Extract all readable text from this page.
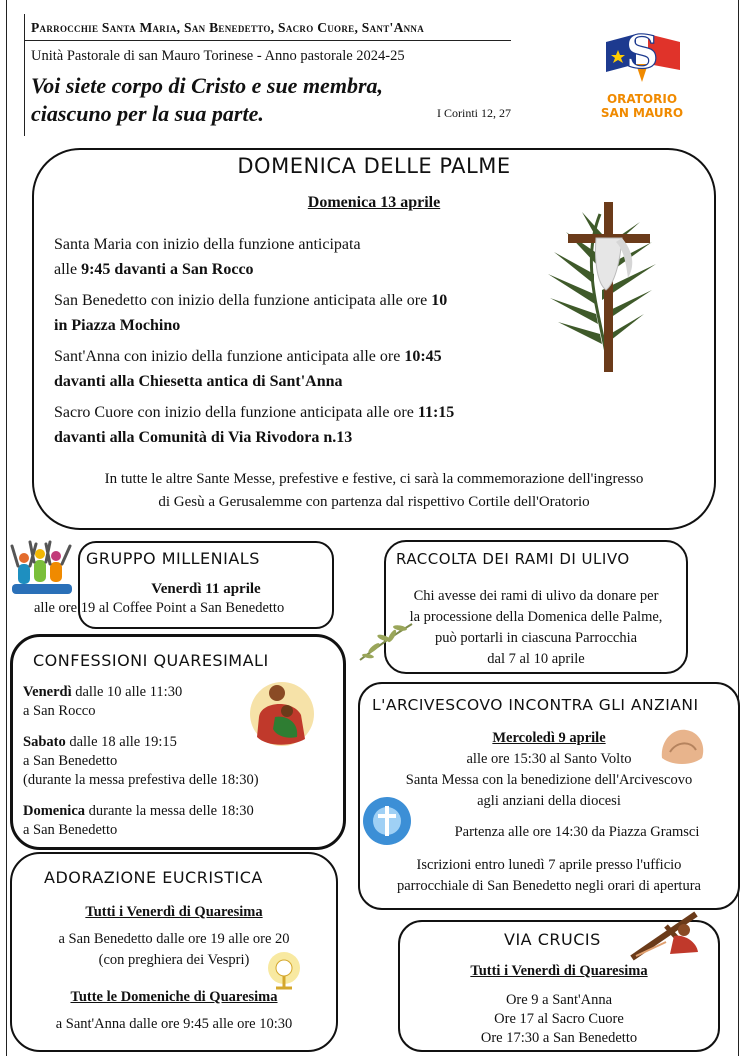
Parrocchie Santa Maria, San Benedetto, Sacro Cuore, Sant'Anna
Unità Pastorale di san Mauro Torinese - Anno pastorale 2024-25
Voi siete corpo di Cristo e sue membra,
ciascuno per la sua parte.	I Corinti 12, 27
S
ORATORIO
SAN MAURO
DOMENICA DELLE PALME
Domenica 13 aprile
Santa Maria con inizio della funzione anticipata
alle 9:45 davanti a San Rocco
San Benedetto con inizio della funzione anticipata alle ore 10
in Piazza Mochino
Sant'Anna con inizio della funzione anticipata alle ore 10:45
davanti alla Chiesetta antica di Sant'Anna
Sacro Cuore con inizio della funzione anticipata alle ore 11:15
davanti alla Comunità di Via Rivodora n.13
In tutte le altre Sante Messe, prefestive e festive, ci sarà la commemorazione dell'ingresso
di Gesù a Gerusalemme con partenza dal rispettivo Cortile dell'Oratorio
GRUPPO MILLENIALS
Venerdì 11 aprile
alle ore 19 al Coffee Point a San Benedetto
RACCOLTA DEI RAMI DI ULIVO
Chi avesse dei rami di ulivo da donare per
la processione della Domenica delle Palme,
può portarli in ciascuna Parrocchia
dal 7 al 10 aprile
CONFESSIONI QUARESIMALI
Venerdì dalle 10 alle 11:30
a San Rocco
Sabato dalle 18 alle 19:15
a San Benedetto
(durante la messa prefestiva delle 18:30)
Domenica durante la messa delle 18:30
a San Benedetto
L'ARCIVESCOVO INCONTRA GLI ANZIANI
Mercoledì 9 aprile
alle ore 15:30 al Santo Volto
Santa Messa con la benedizione dell'Arcivescovo
agli anziani della diocesi
Partenza alle ore 14:30 da Piazza Gramsci
Iscrizioni entro lunedì 7 aprile presso l'ufficio
parrocchiale di San Benedetto negli orari di apertura
ADORAZIONE EUCRISTICA
Tutti i Venerdì di Quaresima
a San Benedetto dalle ore 19 alle ore 20
(con preghiera dei Vespri)
Tutte le Domeniche di Quaresima
a Sant'Anna dalle ore 9:45 alle ore 10:30
VIA CRUCIS
Tutti i Venerdì di Quaresima
Ore 9 a Sant'Anna
Ore 17 al Sacro Cuore
Ore 17:30 a San Benedetto
